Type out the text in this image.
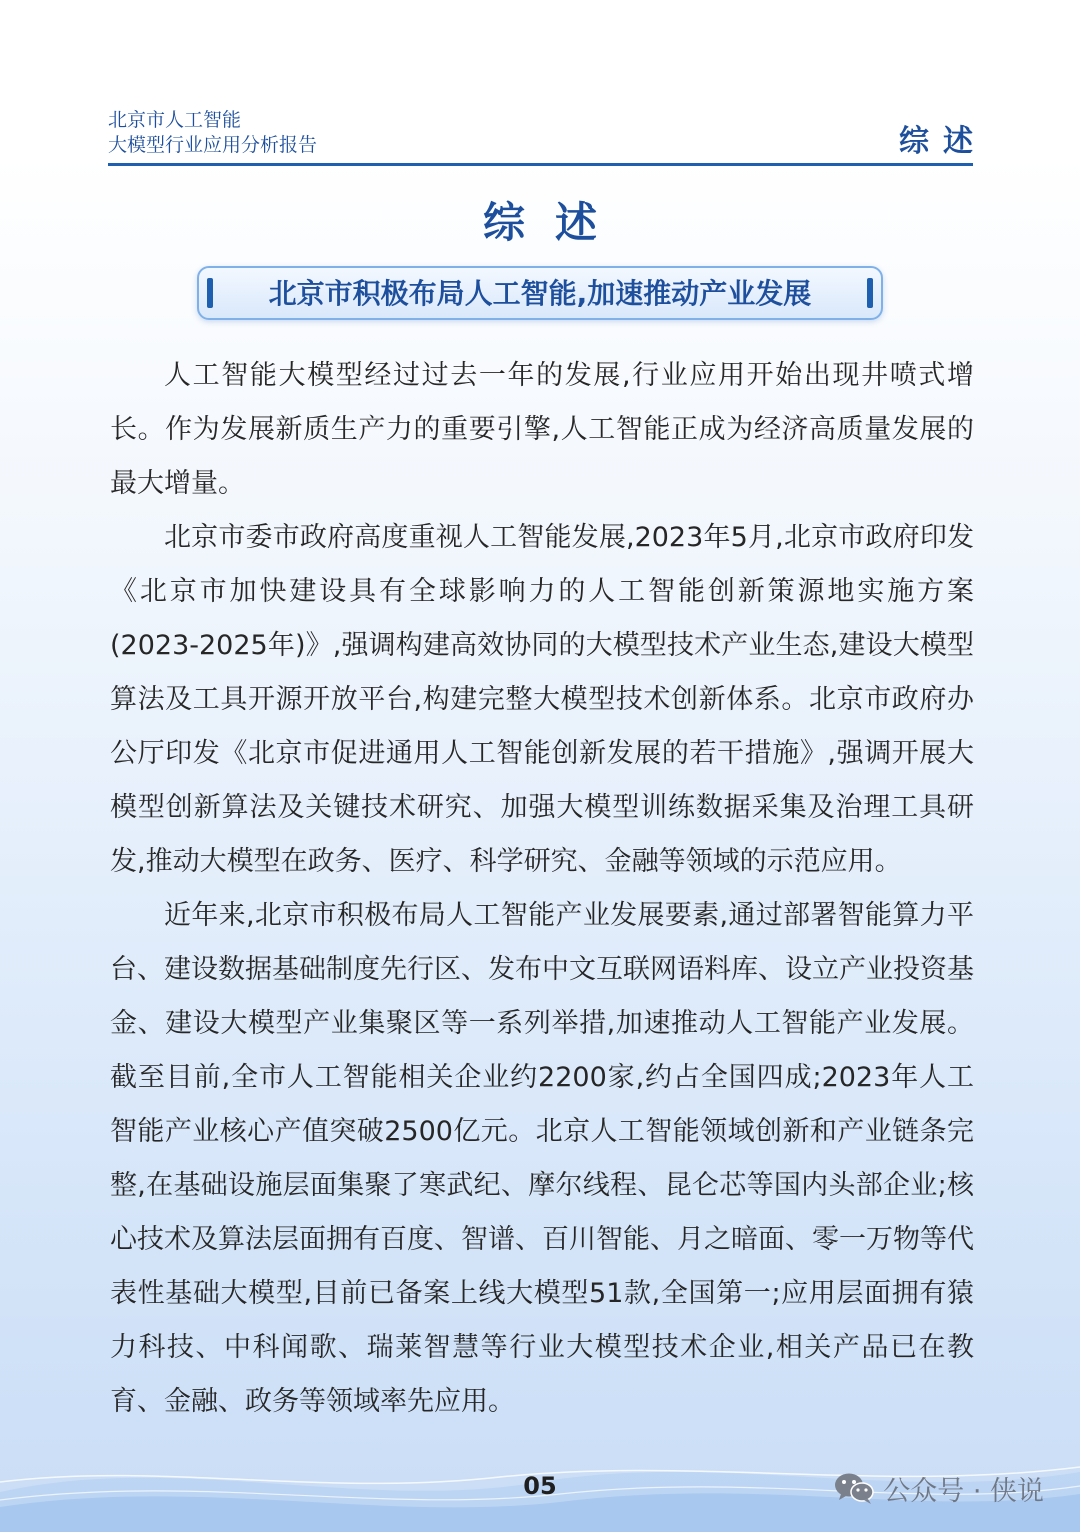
北京市人工智能
大模型行业应用分析报告	综述
综述
北京市积极布局人工智能,加速推动产业发展

人工智能大模型经过过去一年的发展,行业应用开始出现井喷式增长。作为发展新质生产力的重要引擎,人工智能正成为经济高质量发展的最大增量。

北京市委市政府高度重视人工智能发展,2023年5月,北京市政府印发《北京市加快建设具有全球影响力的人工智能创新策源地实施方案(2023-2025年)》,强调构建高效协同的大模型技术产业生态,建设大模型算法及工具开源开放平台,构建完整大模型技术创新体系。北京市政府办公厅印发《北京市促进通用人工智能创新发展的若干措施》,强调开展大模型创新算法及关键技术研究、加强大模型训练数据采集及治理工具研发,推动大模型在政务、医疗、科学研究、金融等领域的示范应用。

近年来,北京市积极布局人工智能产业发展要素,通过部署智能算力平台、建设数据基础制度先行区、发布中文互联网语料库、设立产业投资基金、建设大模型产业集聚区等一系列举措,加速推动人工智能产业发展。截至目前,全市人工智能相关企业约2200家,约占全国四成;2023年人工智能产业核心产值突破2500亿元。北京人工智能领域创新和产业链条完整,在基础设施层面集聚了寒武纪、摩尔线程、昆仑芯等国内头部企业;核心技术及算法层面拥有百度、智谱、百川智能、月之暗面、零一万物等代表性基础大模型,目前已备案上线大模型51款,全国第一;应用层面拥有猿力科技、中科闻歌、瑞莱智慧等行业大模型技术企业,相关产品已在教育、金融、政务等领域率先应用。

05	公众号 · 侠说
